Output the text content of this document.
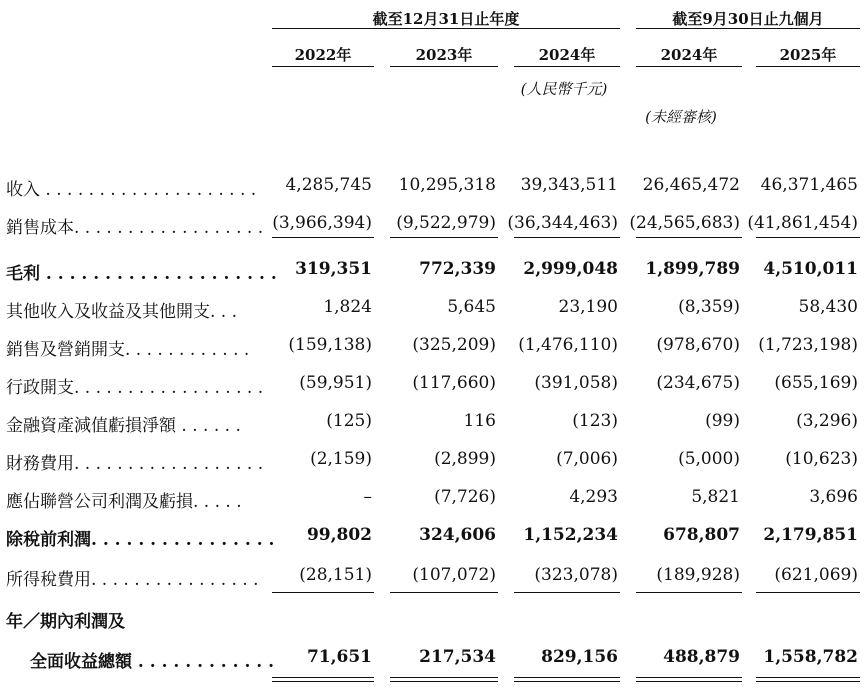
截至12月31日止年度	截至9月30日止九個月
2022年	2023年	2024年	2024年	2025年
(人民幣千元)
(未經審核)
收入 . . . . . . . . . . . . . . . . . . . . 4,285,745 10,295,318 39,343,511 26,465,472 46,371,465
銷售成本. . . . . . . . . . . . . . . . . . (3,966,394) (9,522,979) (36,344,463) (24,565,683) (41,861,454)
毛利 . . . . . . . . . . . . . . . . . . . . 319,351	772,339 2,999,048 1,899,789 4,510,011
其他收入及收益及其他開支. . .	1,824	5,645	23,190	(8,359)	58,430
銷售及營銷開支. . . . . . . . . . . . (159,138) (325,209) (1,476,110) (978,670) (1,723,198)
行政開支. . . . . . . . . . . . . . . . . . (59,951) (117,660) (391,058) (234,675) (655,169)
金融資產減值虧損淨額 . . . . . .	(125)	116	(123)	(99)	(3,296)
財務費用. . . . . . . . . . . . . . . . . .	(2,159)	(2,899)	(7,006)	(5,000)	(10,623)
應佔聯營公司利潤及虧損. . . . .	–	(7,726)	4,293	5,821	3,696
除稅前利潤. . . . . . . . . . . . . . . . 99,802	324,606 1,152,234	678,807 2,179,851
所得稅費用. . . . . . . . . . . . . . . . (28,151) (107,072) (323,078) (189,928) (621,069)
年／期內利潤及
全面收益總額 . . . . . . . . . . . . 71,651	217,534	829,156	488,879 1,558,782
